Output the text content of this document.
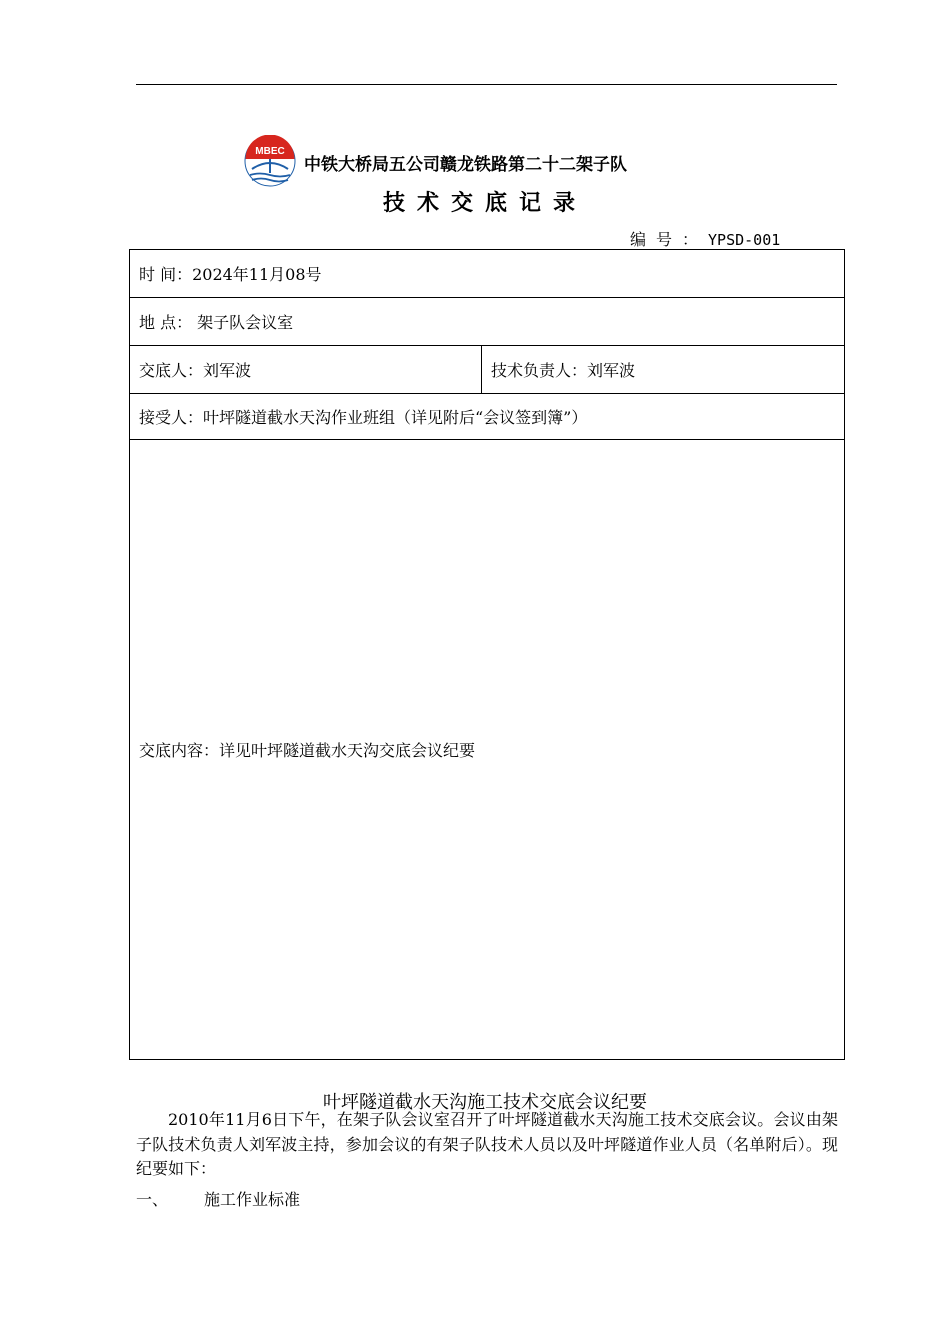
MBEC
中铁大桥局五公司赣龙铁路第二十二架子队
技术交底记录
编号：YPSD-001
时 间：2024年11月08号
地 点： 架子队会议室
交底人：刘军波	技术负责人：刘军波
接受人：叶坪隧道截水天沟作业班组（详见附后“会议签到簿”）
交底内容：详见叶坪隧道截水天沟交底会议纪要
叶坪隧道截水天沟施工技术交底会议纪要
2010年11月6日下午，在架子队会议室召开了叶坪隧道截水天沟施工技术交底会议。会议由架子队技术负责人刘军波主持，参加会议的有架子队技术人员以及叶坪隧道作业人员（名单附后）。现纪要如下：
一、 施工作业标准
